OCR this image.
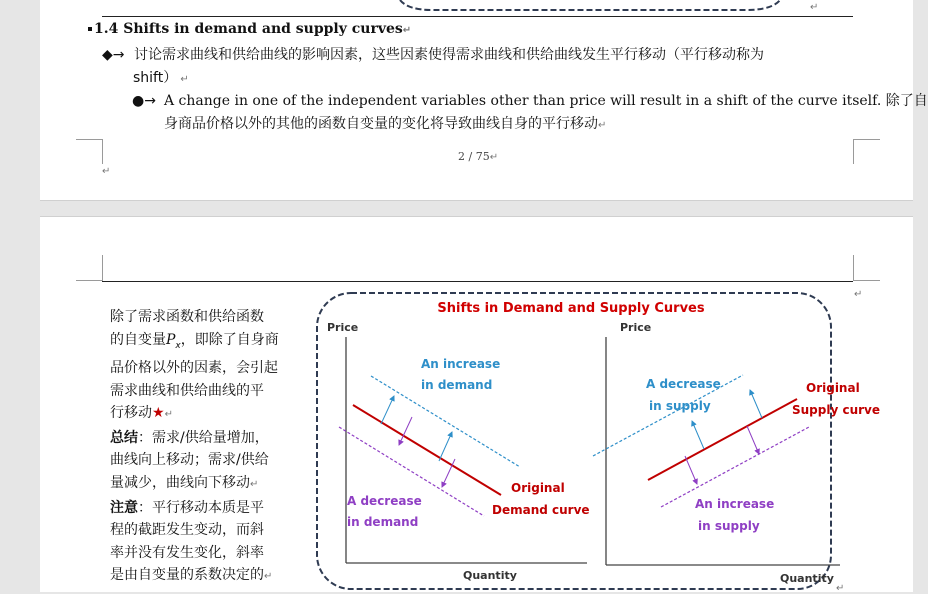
↵
1.4 Shifts in demand and supply curves↵
◆→ 讨论需求曲线和供给曲线的影响因素，这些因素使得需求曲线和供给曲线发生平行移动（平行移动称为
shift） ↵
●→ A change in one of the independent variables other than price will result in a shift of the curve itself. 除了自
身商品价格以外的其他的函数自变量的变化将导致曲线自身的平行移动↵
2 / 75↵
↵
↵
↵
除了需求函数和供给函数
的自变量$P_x$，即除了自身商
品价格以外的因素，会引起
需求曲线和供给曲线的平
行移动★↵
总结：需求/供给量增加，
曲线向上移动；需求/供给
量减少，曲线向下移动↵
注意：平行移动本质是平
程的截距发生变动，而斜
率并没有发生变化，斜率
是由自变量的系数决定的↵
Shifts in Demand and Supply Curves
Price
Quantity
An increase
in demand
A decrease
in demand
Original
Demand curve
Price
Quantity
A decrease
in supply
An increase
in supply
Original
Supply curve
